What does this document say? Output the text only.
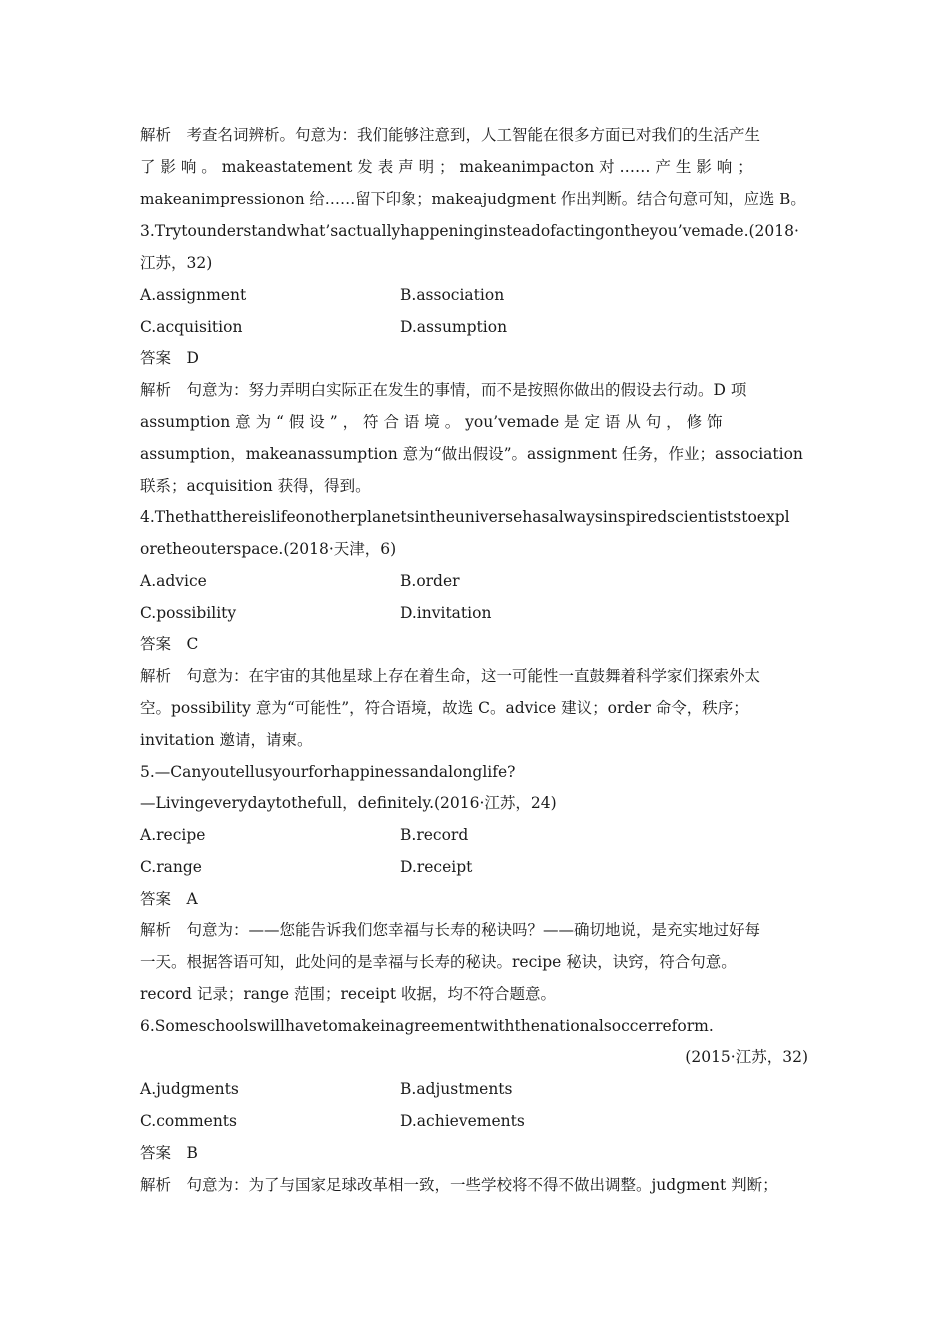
解析　考查名词辨析。句意为：我们能够注意到，人工智能在很多方面已对我们的生活产生
了 影 响 。 makeastatement 发 表 声 明 ； makeanimpacton 对 …… 产 生 影 响 ；
makeanimpressionon 给……留下印象；makeajudgment 作出判断。结合句意可知，应选 B。
3.Trytounderstandwhat’sactuallyhappeninginsteadofactingontheyou’vemade.(2018·
江苏，32)
A.assignment	B.association
C.acquisition	D.assumption
答案　D
解析　句意为：努力弄明白实际正在发生的事情，而不是按照你做出的假设去行动。D 项
assumption 意 为 “ 假 设 ” ， 符 合 语 境 。 you’vemade 是 定 语 从 句 ， 修 饰
assumption，makeanassumption 意为“做出假设”。assignment 任务，作业；association
联系；acquisition 获得，得到。
4.Thethatthereislifeonotherplanetsintheuniversehasalwaysinspiredscientiststoexpl
oretheouterspace.(2018·天津，6)
A.advice	B.order
C.possibility	D.invitation
答案　C
解析　句意为：在宇宙的其他星球上存在着生命，这一可能性一直鼓舞着科学家们探索外太
空。possibility 意为“可能性”，符合语境，故选 C。advice 建议；order 命令，秩序；
invitation 邀请，请柬。
5.—Canyoutellusyourforhappinessandalonglife?
—Livingeverydaytothefull，definitely.(2016·江苏，24)
A.recipe	B.record
C.range	D.receipt
答案　A
解析　句意为：——您能告诉我们您幸福与长寿的秘诀吗？——确切地说，是充实地过好每
一天。根据答语可知，此处问的是幸福与长寿的秘诀。recipe 秘诀，诀窍，符合句意。
record 记录；range 范围；receipt 收据，均不符合题意。
6.Someschoolswillhavetomakeinagreementwiththenationalsoccerreform.
(2015·江苏，32)
A.judgments	B.adjustments
C.comments	D.achievements
答案　B
解析　句意为：为了与国家足球改革相一致，一些学校将不得不做出调整。judgment 判断；
